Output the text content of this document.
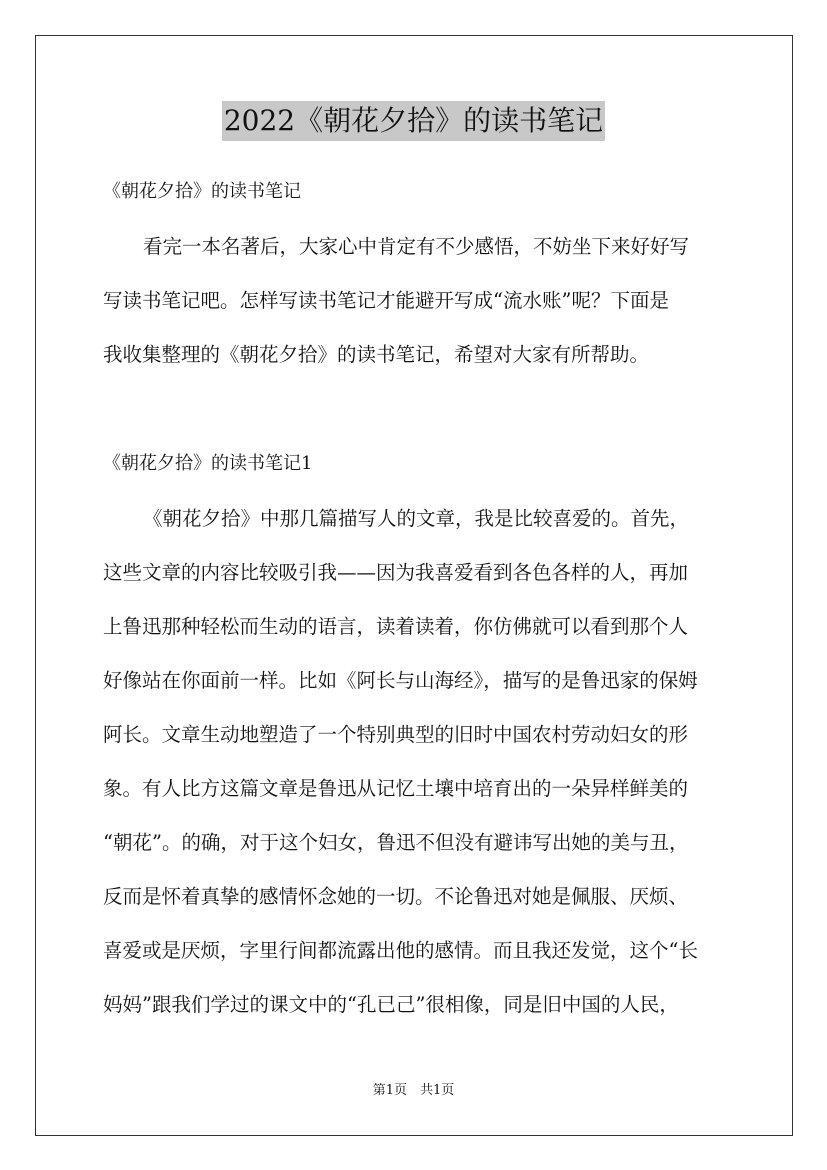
2022《朝花夕拾》的读书笔记
《朝花夕拾》的读书笔记
看完一本名著后，大家心中肯定有不少感悟，不妨坐下来好好写
写读书笔记吧。怎样写读书笔记才能避开写成“流水账”呢？下面是
我收集整理的《朝花夕拾》的读书笔记，希望对大家有所帮助。
《朝花夕拾》的读书笔记1
《朝花夕拾》中那几篇描写人的文章，我是比较喜爱的。首先，
这些文章的内容比较吸引我——因为我喜爱看到各色各样的人，再加
上鲁迅那种轻松而生动的语言，读着读着，你仿佛就可以看到那个人
好像站在你面前一样。比如《阿长与山海经》，描写的是鲁迅家的保姆
阿长。文章生动地塑造了一个特别典型的旧时中国农村劳动妇女的形
象。有人比方这篇文章是鲁迅从记忆土壤中培育出的一朵异样鲜美的
“朝花”。的确，对于这个妇女，鲁迅不但没有避讳写出她的美与丑，
反而是怀着真挚的感情怀念她的一切。不论鲁迅对她是佩服、厌烦、
喜爱或是厌烦，字里行间都流露出他的感情。而且我还发觉，这个“长
妈妈”跟我们学过的课文中的“孔已己”很相像，同是旧中国的人民，
第1页　共1页
